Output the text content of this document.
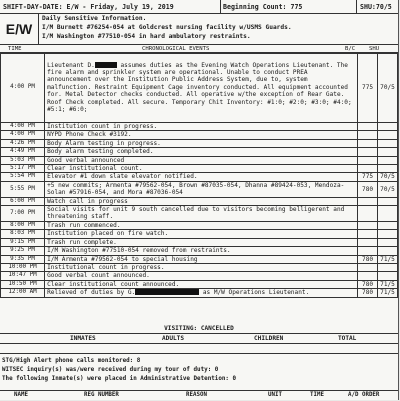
SHIFT-DAY-DATE: E/W - Friday, July 19, 2019	Beginning Count: 775	SHU:70/5
E/W
Daily Sensitive Information.
I/M Burnett #76254-054 at Goldcrest nursing facility w/USMS Guards.
I/M Washington #77510-054 in hard ambulatory restraints.
TIME	CHRONOLOGICAL EVENTS	B/C SHU
4:00 PM	Lieutenant D. assumes duties as the Evening Watch Operations Lieutenant. The fire alarm and sprinkler system are operational. Unable to conduct PREA announcement over the Institution Public Address System, due to, system malfunction. Restraint Equipment Cage inventory conducted. All equipment accounted for. Metal Detector checks conducted. All operative w/the exception of Rear Gate. Roof Check completed. All secure. Temporary Chit Inventory: #1:0; #2:0; #3:0; #4:0; #5:1; #6:0;	775	70/5
4:00 PM	Institution count in progress.		
4:00 PM	NYPD Phone Check #3192.		
4:26 PM	Body Alarm testing in progress.		
4:49 PM	Body alarm testing completed.		
5:03 PM	Good verbal announced		
5:17 PM	Clear institutional count.		
5:54 PM	Elevator #1 down slate elevator notified.	775	70/5
5:55 PM	+5 new commits; Armenta #79562-054, Brown #87035-054, Dhanna #89424-053, Mendoza-Solan #57916-054, and Mora #87036-054	780	70/5
6:00 PM	Watch call in progress		
7:00 PM	Social visits for unit 9 south cancelled due to visitors becoming belligerent and threatening staff.		
8:00 PM	Trash run commenced.		
8:03 PM	Institution placed on fire watch.		
9:15 PM	Trash run complete.		
9:25 PM	I/M Washington #77510-054 removed from restraints.		
9:35 PM	I/M Armenta #79562-054 to special housing	780	71/5
10:00 PM	Institutional count in progress.		
10:47 PM	Good verbal count announced.		
10:50 PM	Clear institutional count announced.	780	71/5
12:00 AM	Relieved of duties by G. as M/W Operations Lieutenant.	780	71/5
VISITING: CANCELLED
INMATES	ADULTS	CHILDREN	TOTAL
STG/High Alert phone calls monitored: 8
WITSEC inquiry(s) was/were received during my tour of duty: 0
The following Inmate(s) were placed in Administrative Detention: 0
NAME	REG NUMBER	REASON	UNIT	TIME	A/D ORDER
